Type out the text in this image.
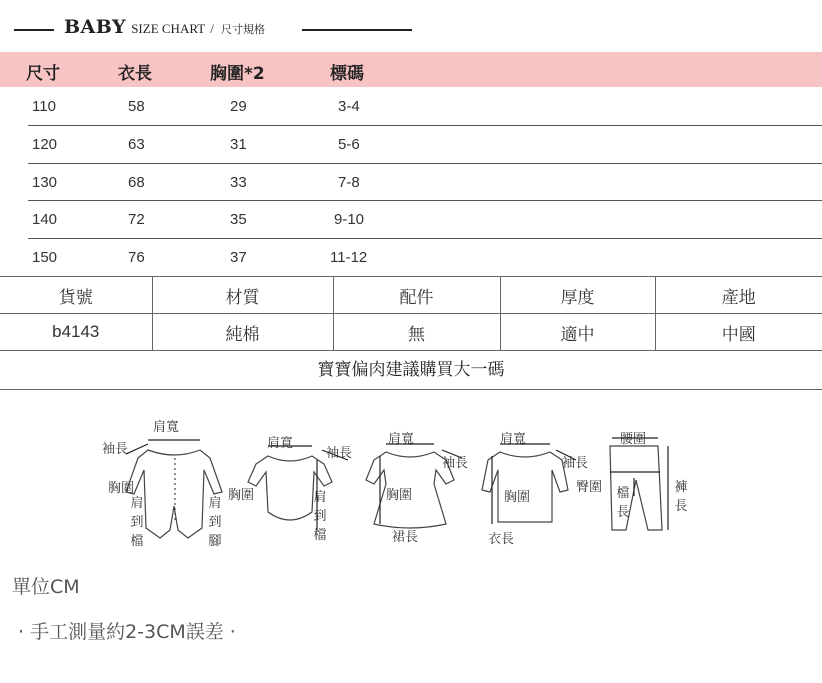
BABY SIZE CHART / 尺寸規格
尺寸	衣長	胸圍*2	標碼
110	58	29	3-4
120	63	31	5-6
130	68	33	7-8
140	72	35	9-10
150	76	37	11-12
貨號	材質	配件	厚度	產地
b4143	純棉	無	適中	中國
寶寶偏肉建議購買大一碼
肩寬
袖長
胸圍
肩到檔
肩到腳
肩寬
袖長
胸圍	肩到檔
肩寬
袖長
胸圍
裙長
肩寬
袖長
胸圍
衣長
腰圍
臀圍 檔長
褲長
單位CM
· 手工測量約2-3CM誤差 ·
